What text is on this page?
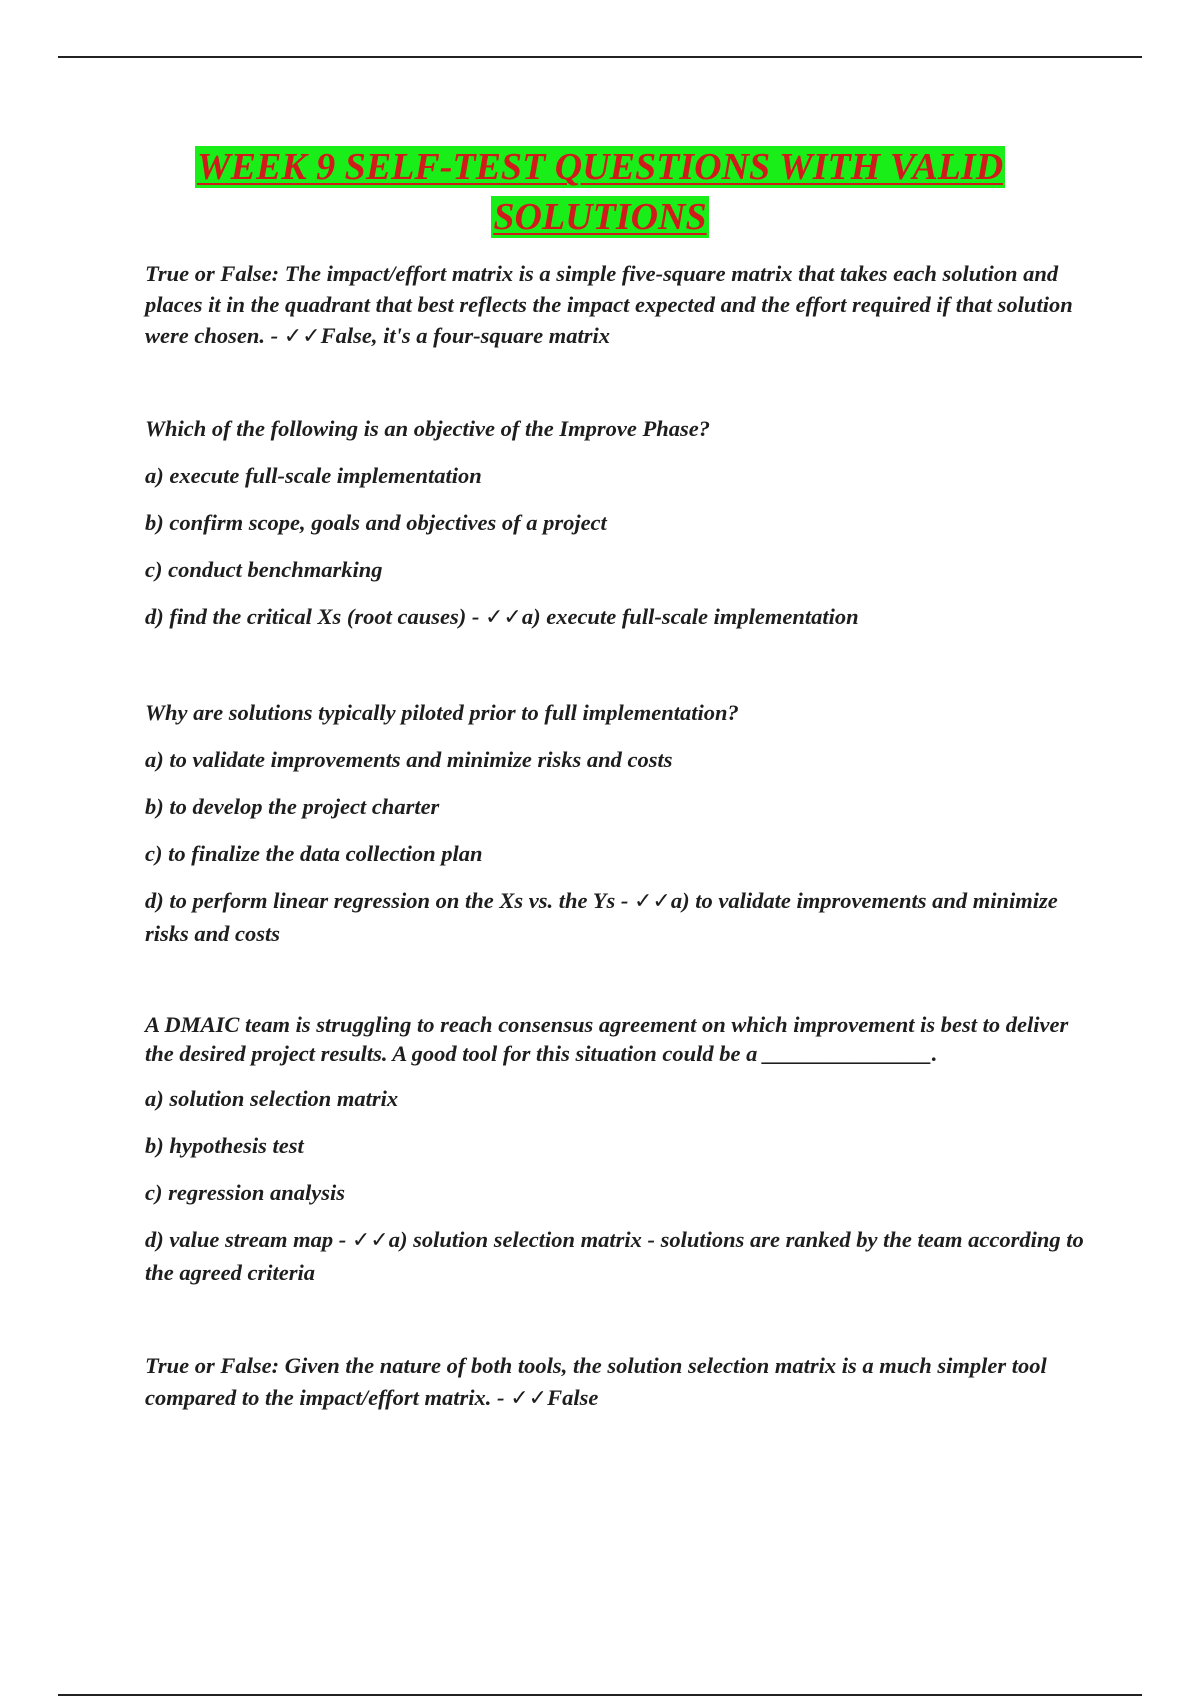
WEEK 9 SELF-TEST QUESTIONS WITH VALID SOLUTIONS

True or False: The impact/effort matrix is a simple five-square matrix that takes each solution and places it in the quadrant that best reflects the impact expected and the effort required if that solution were chosen. - ✓✓False, it's a four-square matrix

Which of the following is an objective of the Improve Phase?

a) execute full-scale implementation

b) confirm scope, goals and objectives of a project

c) conduct benchmarking

d) find the critical Xs (root causes) - ✓✓a) execute full-scale implementation

Why are solutions typically piloted prior to full implementation?

a) to validate improvements and minimize risks and costs

b) to develop the project charter

c) to finalize the data collection plan

d) to perform linear regression on the Xs vs. the Ys - ✓✓a) to validate improvements and minimize risks and costs

A DMAIC team is struggling to reach consensus agreement on which improvement is best to deliver the desired project results. A good tool for this situation could be a _______________.

a) solution selection matrix

b) hypothesis test

c) regression analysis

d) value stream map - ✓✓a) solution selection matrix - solutions are ranked by the team according to the agreed criteria

True or False: Given the nature of both tools, the solution selection matrix is a much simpler tool compared to the impact/effort matrix. - ✓✓False
